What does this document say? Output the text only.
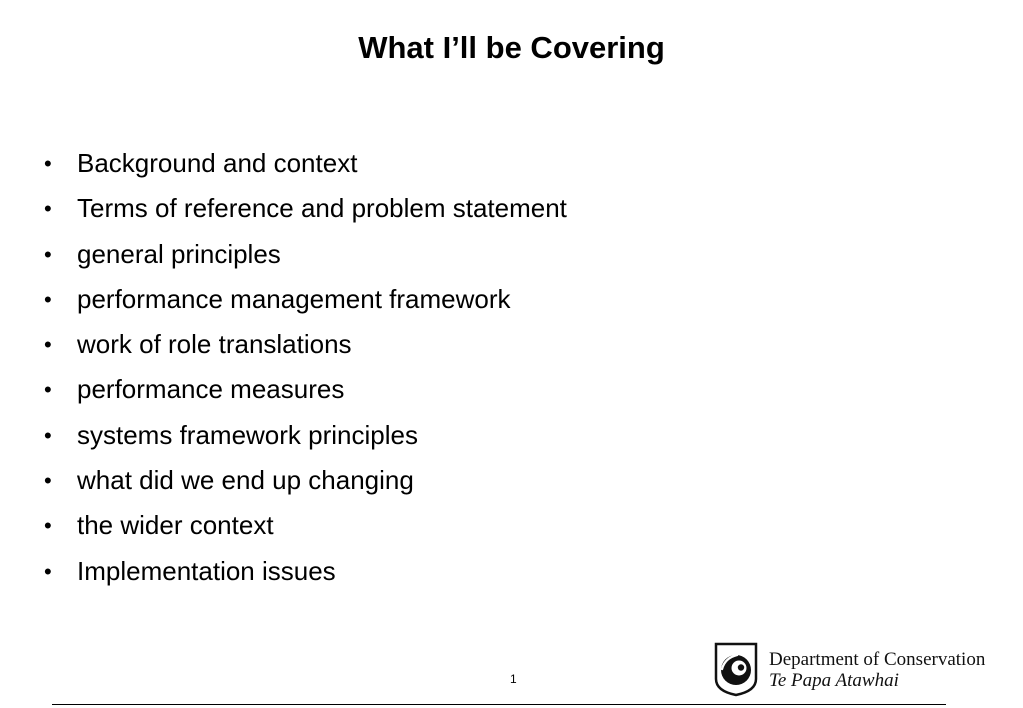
What I’ll be Covering
• Background and context
• Terms of reference and problem statement
• general principles
• performance management framework
• work of role translations
• performance measures
• systems framework principles
• what did we end up changing
• the wider context
• Implementation issues
1
Department of Conservation
Te Papa Atawhai
